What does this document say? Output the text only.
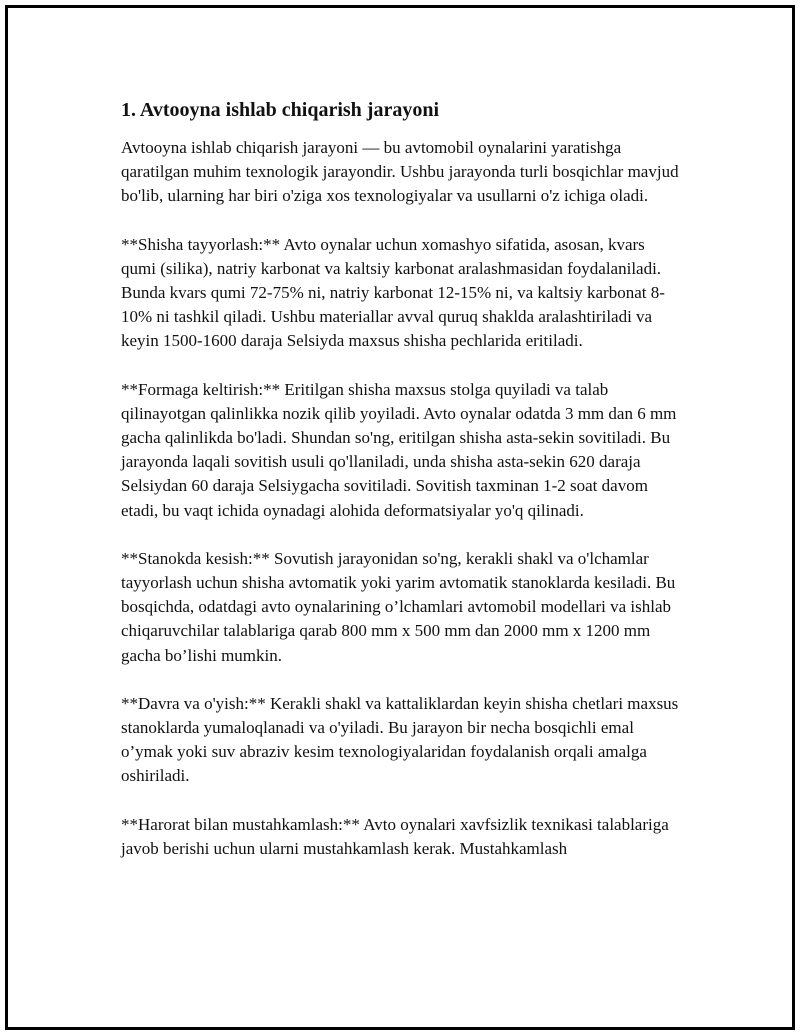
1. Avtooyna ishlab chiqarish jarayoni

Avtooyna ishlab chiqarish jarayoni — bu avtomobil oynalarini yaratishga qaratilgan muhim texnologik jarayondir. Ushbu jarayonda turli bosqichlar mavjud bo'lib, ularning har biri o'ziga xos texnologiyalar va usullarni o'z ichiga oladi.

**Shisha tayyorlash:** Avto oynalar uchun xomashyo sifatida, asosan, kvars qumi (silika), natriy karbonat va kaltsiy karbonat aralashmasidan foydalaniladi. Bunda kvars qumi 72-75% ni, natriy karbonat 12-15% ni, va kaltsiy karbonat 8-10% ni tashkil qiladi. Ushbu materiallar avval quruq shaklda aralashtiriladi va keyin 1500-1600 daraja Selsiyda maxsus shisha pechlarida eritiladi.

**Formaga keltirish:** Eritilgan shisha maxsus stolga quyiladi va talab qilinayotgan qalinlikka nozik qilib yoyiladi. Avto oynalar odatda 3 mm dan 6 mm gacha qalinlikda bo'ladi. Shundan so'ng, eritilgan shisha asta-sekin sovitiladi. Bu jarayonda laqali sovitish usuli qo'llaniladi, unda shisha asta-sekin 620 daraja Selsiydan 60 daraja Selsiygacha sovitiladi. Sovitish taxminan 1-2 soat davom etadi, bu vaqt ichida oynadagi alohida deformatsiyalar yo'q qilinadi.

**Stanokda kesish:** Sovutish jarayonidan so'ng, kerakli shakl va o'lchamlar tayyorlash uchun shisha avtomatik yoki yarim avtomatik stanoklarda kesiladi. Bu bosqichda, odatdagi avto oynalarining o’lchamlari avtomobil modellari va ishlab chiqaruvchilar talablariga qarab 800 mm x 500 mm dan 2000 mm x 1200 mm gacha bo’lishi mumkin.

**Davra va o'yish:** Kerakli shakl va kattaliklardan keyin shisha chetlari maxsus stanoklarda yumaloqlanadi va o'yiladi. Bu jarayon bir necha bosqichli emal o’ymak yoki suv abraziv kesim texnologiyalaridan foydalanish orqali amalga oshiriladi.

**Harorat bilan mustahkamlash:** Avto oynalari xavfsizlik texnikasi talablariga javob berishi uchun ularni mustahkamlash kerak. Mustahkamlash
